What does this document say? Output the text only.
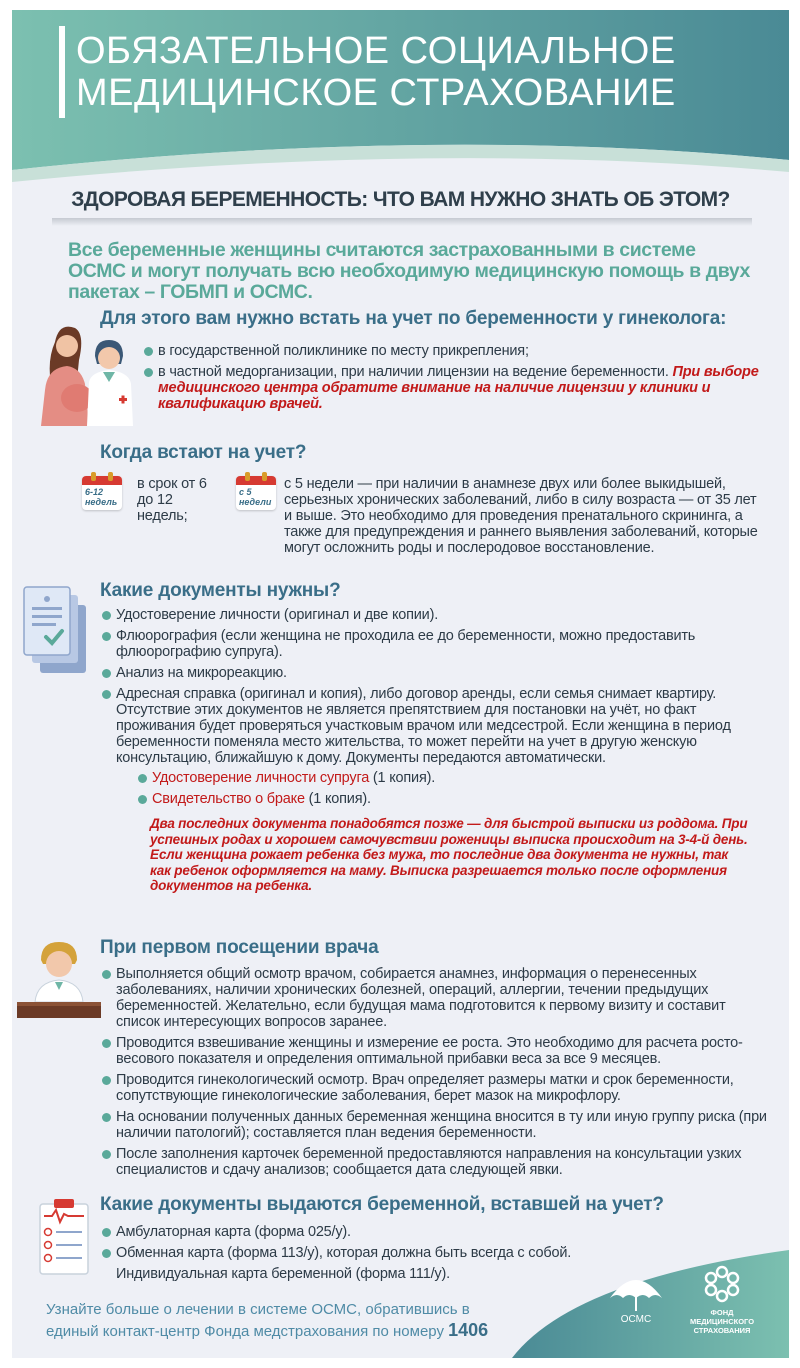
ОБЯЗАТЕЛЬНОЕ СОЦИАЛЬНОЕ
МЕДИЦИНСКОЕ СТРАХОВАНИЕ
ЗДОРОВАЯ БЕРЕМЕННОСТЬ: ЧТО ВАМ НУЖНО ЗНАТЬ ОБ ЭТОМ?
Все беременные женщины считаются застрахованными в системе ОСМС и могут получать всю необходимую медицинскую помощь в двух пакетах – ГОБМП и ОСМС.
Для этого вам нужно встать на учет по беременности у гинеколога:
в государственной поликлинике по месту прикрепления;
в частной медорганизации, при наличии лицензии на ведение беременности. При выборе медицинского центра обратите внимание на наличие лицензии у клиники и квалификацию врачей.
Когда встают на учет?
6-12 недель
в срок от 6 до 12 недель;
с 5 недели
с 5 недели — при наличии в анамнезе двух или более выкидышей, серьезных хронических заболеваний, либо в силу возраста — от 35 лет и выше. Это необходимо для проведения пренатального скрининга, а также для предупреждения и раннего выявления заболеваний, которые могут осложнить роды и послеродовое восстановление.
Какие документы нужны?
Удостоверение личности (оригинал и две копии).
Флюорография (если женщина не проходила ее до беременности, можно предоставить флюорографию супруга).
Анализ на микрореакцию.
Адресная справка (оригинал и копия), либо договор аренды, если семья снимает квартиру. Отсутствие этих документов не является препятствием для постановки на учёт, но факт проживания будет проверяться участковым врачом или медсестрой. Если женщина в период беременности поменяла место жительства, то может перейти на учет в другую женскую консультацию, ближайшую к дому. Документы передаются автоматически.
Удостоверение личности супруга (1 копия).
Свидетельство о браке (1 копия).
Два последних документа понадобятся позже — для быстрой выписки из роддома. При успешных родах и хорошем самочувствии роженицы выписка происходит на 3-4-й день. Если женщина рожает ребенка без мужа, то последние два документа не нужны, так как ребенок оформляется на маму. Выписка разрешается только после оформления документов на ребенка.
При первом посещении врача
Выполняется общий осмотр врачом, собирается анамнез, информация о перенесенных заболеваниях, наличии хронических болезней, операций, аллергии, течении предыдущих беременностей. Желательно, если будущая мама подготовится к первому визиту и составит список интересующих вопросов заранее.
Проводится взвешивание женщины и измерение ее роста. Это необходимо для расчета росто-весового показателя и определения оптимальной прибавки веса за все 9 месяцев.
Проводится гинекологический осмотр. Врач определяет размеры матки и срок беременности, сопутствующие гинекологические заболевания, берет мазок на микрофлору.
На основании полученных данных беременная женщина вносится в ту или иную группу риска (при наличии патологий); составляется план ведения беременности.
После заполнения карточек беременной предоставляются направления на консультации узких специалистов и сдачу анализов; сообщается дата следующей явки.
Какие документы выдаются беременной, вставшей на учет?
Амбулаторная карта (форма 025/у).
Обменная карта (форма 113/у), которая должна быть всегда с собой.
Индивидуальная карта беременной (форма 111/у).
Узнайте больше о лечении в системе ОСМС, обратившись в единый контакт-центр Фонда медстрахования по номеру 1406
ОСМС
ФОНД
МЕДИЦИНСКОГО
СТРАХОВАНИЯ
